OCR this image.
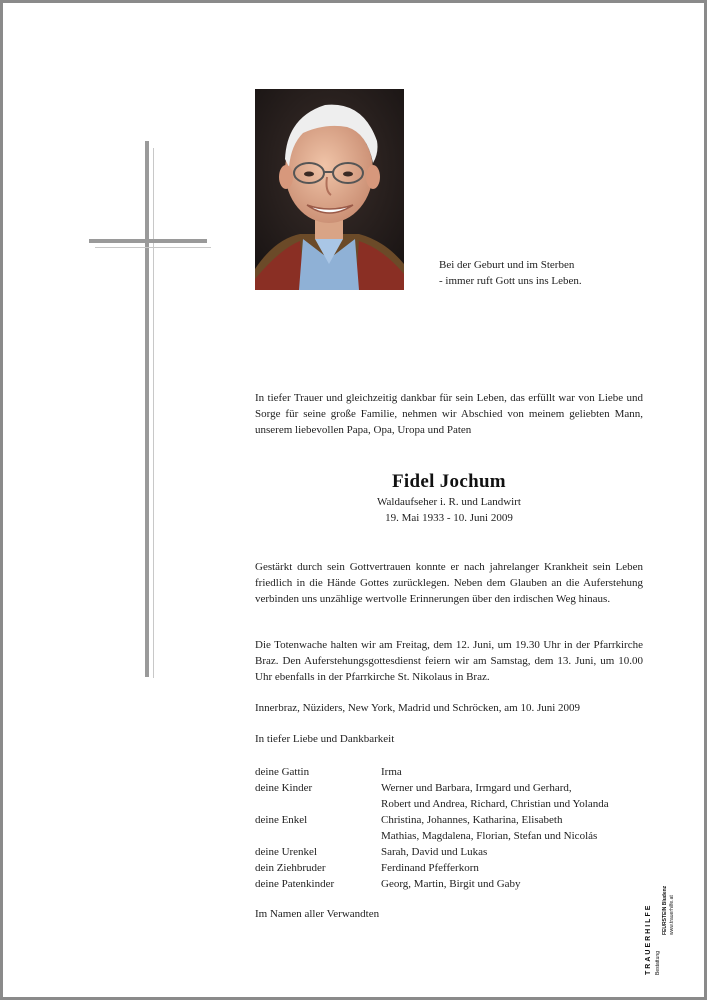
Bei der Geburt und im Sterben
- immer ruft Gott uns ins Leben.
In tiefer Trauer und gleichzeitig dankbar für sein Leben, das erfüllt war von Liebe und Sorge für seine große Familie, nehmen wir Abschied von meinem geliebten Mann, unserem liebevollen Papa, Opa, Uropa und Paten
Fidel Jochum
Waldaufseher i. R. und Landwirt
19. Mai 1933 - 10. Juni 2009
Gestärkt durch sein Gottvertrauen konnte er nach jahrelanger Krankheit sein Leben friedlich in die Hände Gottes zurücklegen. Neben dem Glauben an die Auferstehung verbinden uns unzählige wertvolle Erinnerungen über den irdischen Weg hinaus.
Die Totenwache halten wir am Freitag, dem 12. Juni, um 19.30 Uhr in der Pfarrkirche Braz. Den Auferstehungsgottesdienst feiern wir am Samstag, dem 13. Juni, um 10.00 Uhr ebenfalls in der Pfarrkirche St. Nikolaus in Braz.
Innerbraz, Nüziders, New York, Madrid und Schröcken, am 10. Juni 2009
In tiefer Liebe und Dankbarkeit
deine Gattin	Irma
deine Kinder	Werner und Barbara, Irmgard und Gerhard,
Robert und Andrea, Richard, Christian und Yolanda
deine Enkel	Christina, Johannes, Katharina, Elisabeth
Mathias, Magdalena, Florian, Stefan und Nicolás
deine Urenkel	Sarah, David und Lukas
dein Ziehbruder	Ferdinand Pfefferkorn
deine Patenkinder	Georg, Martin, Birgit und Gaby
Im Namen aller Verwandten	TRAUERHILFE Bestattung
FEURSTEIN Bludenz www.trauerhilfe.at
